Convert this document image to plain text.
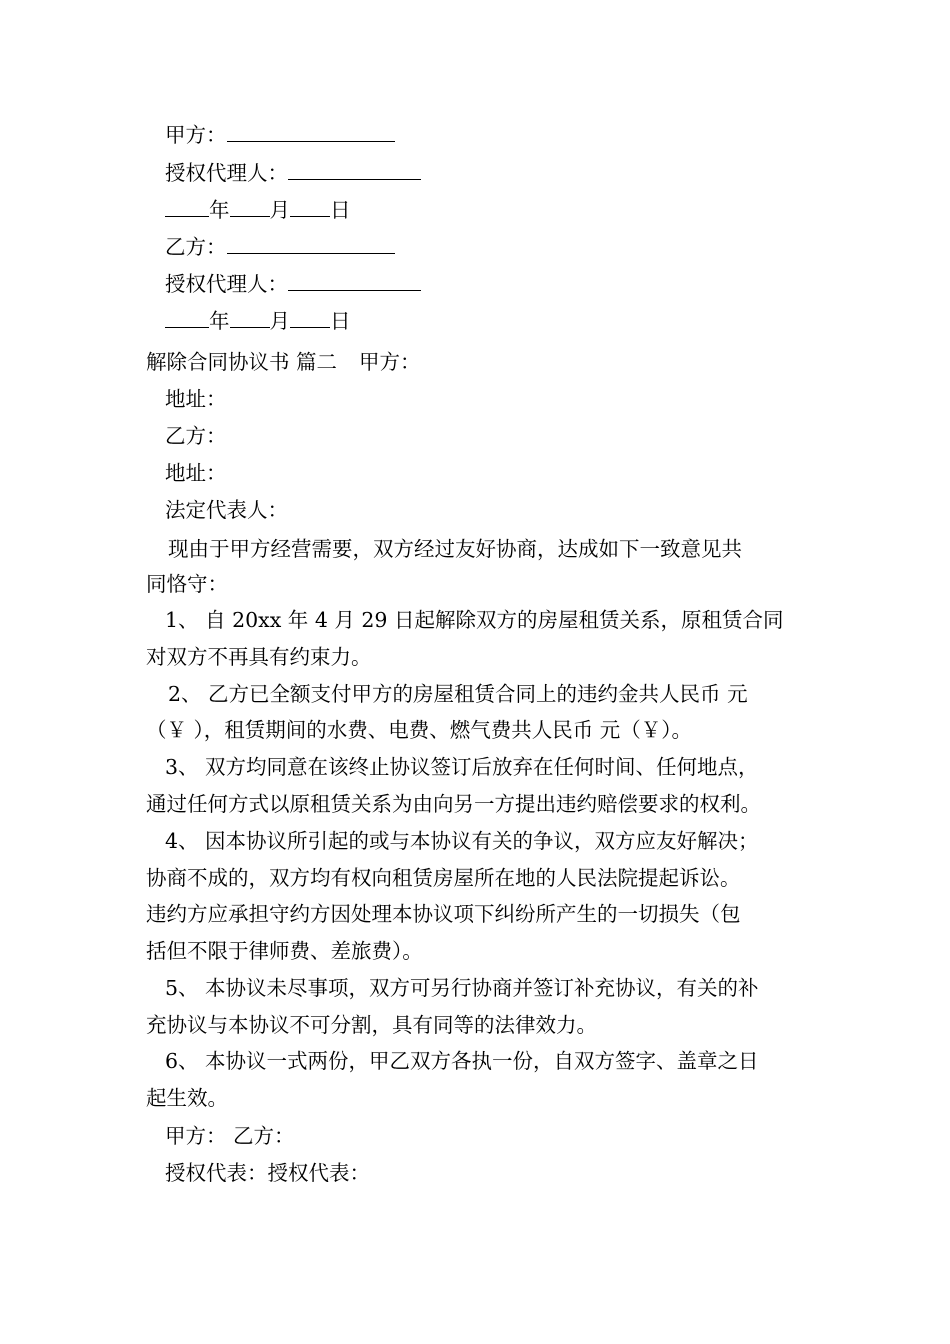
甲方：
授权代理人：
年 月 日
乙方：
授权代理人：
年 月 日
解除合同协议书 篇二 甲方：
地址：
乙方：
地址：
法定代表人：
现由于甲方经营需要，双方经过友好协商，达成如下一致意见共
同恪守：
1、 自 20xx 年 4 月 29 日起解除双方的房屋租赁关系，原租赁合同
对双方不再具有约束力。
2、 乙方已全额支付甲方的房屋租赁合同上的违约金共人民币 元
（￥ ），租赁期间的水费、电费、燃气费共人民币 元（￥）。
3、 双方均同意在该终止协议签订后放弃在任何时间、任何地点，
通过任何方式以原租赁关系为由向另一方提出违约赔偿要求的权利。
4、 因本协议所引起的或与本协议有关的争议，双方应友好解决；
协商不成的，双方均有权向租赁房屋所在地的人民法院提起诉讼。
违约方应承担守约方因处理本协议项下纠纷所产生的一切损失（包
括但不限于律师费、差旅费）。
5、 本协议未尽事项，双方可另行协商并签订补充协议，有关的补
充协议与本协议不可分割，具有同等的法律效力。
6、 本协议一式两份，甲乙双方各执一份，自双方签字、盖章之日
起生效。
甲方： 乙方：
授权代表：授权代表：
